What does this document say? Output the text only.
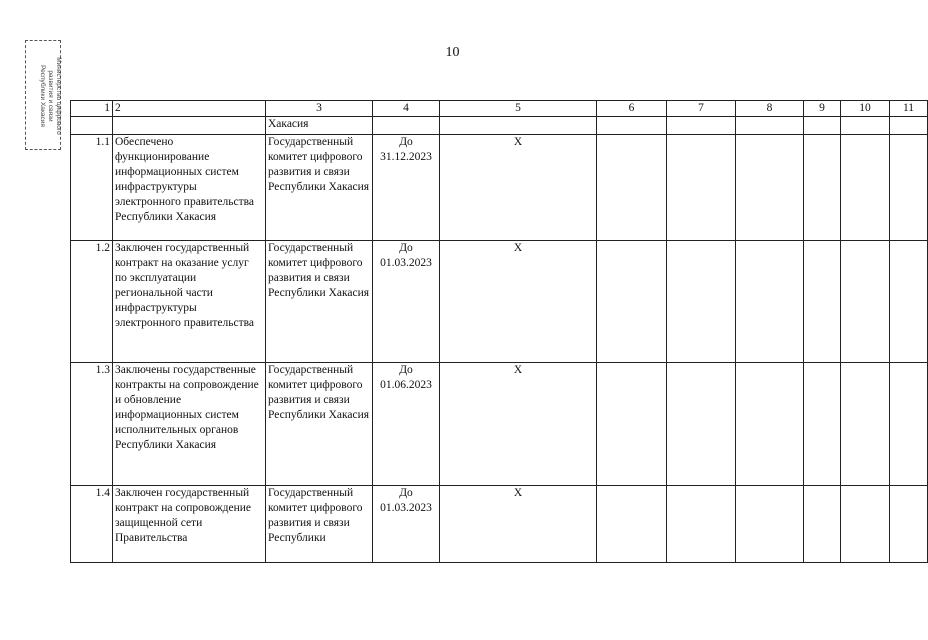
10
Министерство цифрового
развития и связи
Республики Хакасия	1	2	3	4	5	6	7	8	9	10	11
		Хакасия								
1.1	Обеспечено функционирование информационных систем инфраструктуры электронного правительства Республики Хакасия	Государственный комитет цифрового развития и связи Республики Хакасия	До 31.12.2023	Х						
1.2	Заключен государственный контракт на оказание услуг по эксплуатации региональной части инфраструктуры электронного правительства	Государственный комитет цифрового развития и связи Республики Хакасия	До 01.03.2023	Х						
1.3	Заключены государственные контракты на сопровождение и обновление информационных систем исполнительных органов Республики Хакасия	Государственный комитет цифрового развития и связи Республики Хакасия	До 01.06.2023	Х						
1.4	Заключен государственный контракт на сопровождение защищенной сети Правительства	Государственный комитет цифрового развития и связи Республики	До 01.03.2023	Х						
